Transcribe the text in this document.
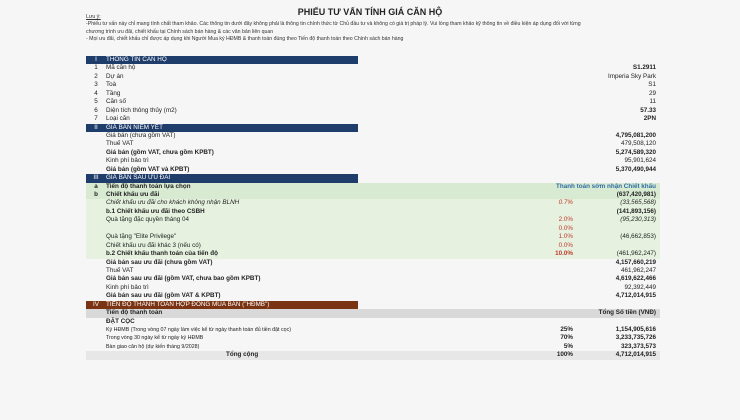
PHIẾU TƯ VẤN TÍNH GIÁ CĂN HỘ
Lưu ý:
-Phiếu tư vấn này chỉ mang tính chất tham khảo. Các thông tin dưới đây không phải là thông tin chính thức từ Chủ đầu tư và không có giá trị pháp lý. Vui lòng tham khảo kỹ thông tin về điều kiện áp dụng đối với từng
chương trình ưu đãi, chiết khấu tại Chính sách bán hàng & các văn bản liên quan
- Mọi ưu đãi, chiết khấu chỉ được áp dụng khi Người Mua ký HĐMB & thanh toán đúng theo Tiến độ thanh toán theo Chính sách bán hàng
I	THÔNG TIN CĂN HỘ
1	Mã căn hộ	S1.2911
2	Dự án	Imperia Sky Park
3	Toà	S1
4	Tầng	29
5	Căn số	11
6	Diện tích thông thủy (m2)	57.33
7	Loại căn	2PN
II	GIÁ BÁN NIÊM YẾT
Giá bán (chưa gồm VAT)	4,795,081,200
Thuế VAT	479,508,120
Giá bán (gồm VAT, chưa gồm KPBT)	5,274,589,320
Kinh phí bảo trì	95,901,624
Giá bán (gồm VAT và KPBT)	5,370,490,944
III	GIÁ BÁN SAU ƯU ĐÃI
a	Tiến độ thanh toán lựa chọn	Thanh toán sớm nhận Chiết khấu
b	Chiết khấu ưu đãi	(637,420,981)
Chiết khấu ưu đãi cho khách không nhận BLNH	0.7%	(33,565,568)
b.1 Chiết khấu ưu đãi theo CSBH	(141,893,156)
Quà tặng đặc quyền tháng 04	2.0%	(95,230,313)
0.0%
Quà tặng "Elite Privilege"	1.0%	(46,662,853)
Chiết khấu ưu đãi khác 3 (nếu có)	0.0%
b.2 Chiết khấu thanh toán của tiến độ	10.0%	(461,962,247)
Giá bán sau ưu đãi (chưa gồm VAT)	4,157,660,219
Thuế VAT	461,962,247
Giá bán sau ưu đãi (gồm VAT, chưa bao gồm KPBT)	4,619,622,466
Kinh phí bảo trì	92,392,449
Giá bán sau ưu đãi (gồm VAT & KPBT)	4,712,014,915
IV	TIẾN ĐỘ THANH TOÁN HỢP ĐỒNG MUA BÁN ("HĐMB")
Tiến độ thanh toán	Tổng Số tiền (VNĐ)
ĐẶT CỌC
Ký HĐMB (Trong vòng 07 ngày làm việc kể từ ngày thanh toán đủ tiền đặt cọc)	25%	1,154,905,616
Trong vòng 30 ngày kể từ ngày ký HĐMB	70%	3,233,735,726
Bàn giao căn hộ (dự kiến tháng 9/2028)	5%	323,373,573
Tổng cộng	100%	4,712,014,915
